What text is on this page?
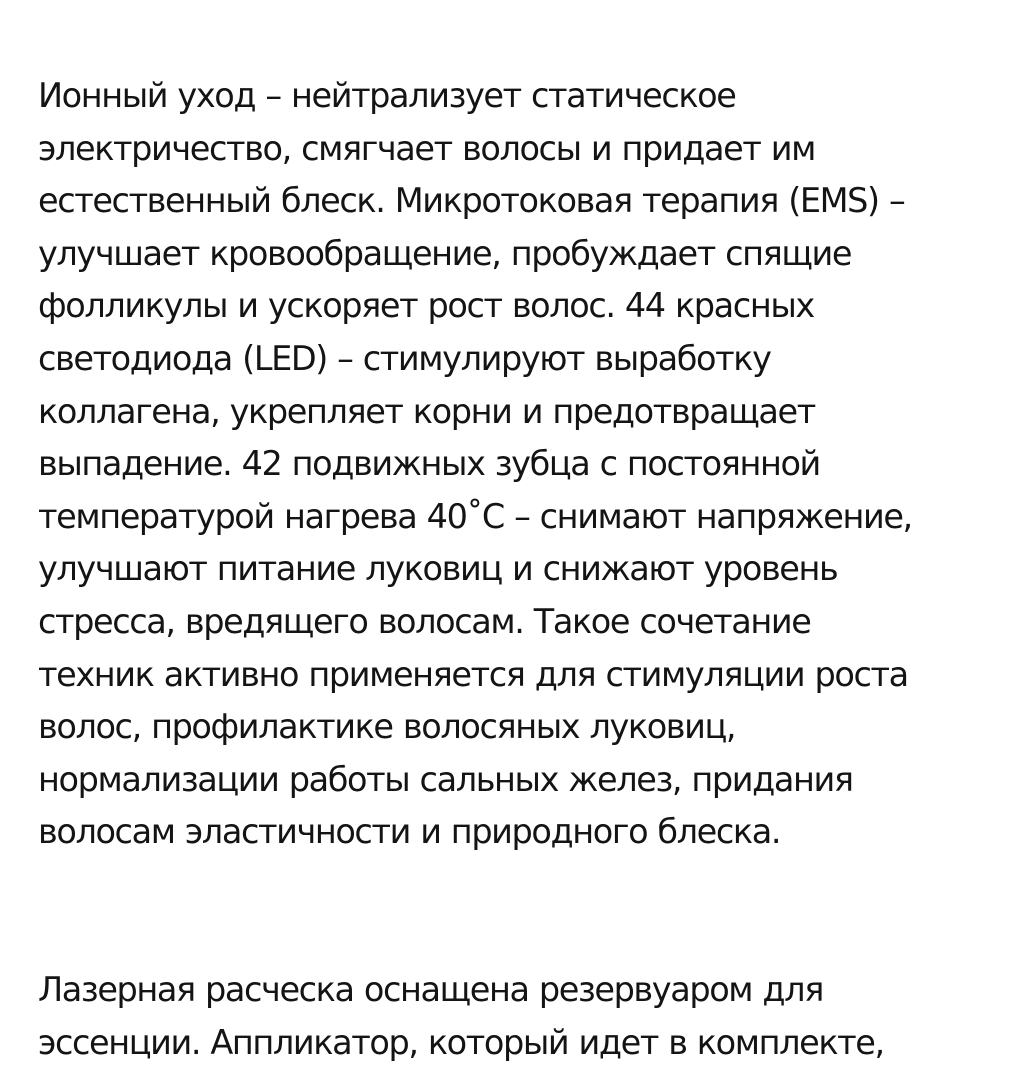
Ионный уход – нейтрализует статическое
электричество, смягчает волосы и придает им
естественный блеск. Микротоковая терапия (EMS) –
улучшает кровообращение, пробуждает спящие
фолликулы и ускоряет рост волос. 44 красных
светодиода (LED) – стимулируют выработку
коллагена, укрепляет корни и предотвращает
выпадение. 42 подвижных зубца с постоянной
температурой нагрева 40˚С – снимают напряжение,
улучшают питание луковиц и снижают уровень
стресса, вредящего волосам. Такое сочетание
техник активно применяется для стимуляции роста
волос, профилактике волосяных луковиц,
нормализации работы сальных желез, придания
волосам эластичности и природного блеска.
Лазерная расческа оснащена резервуаром для
эссенции. Аппликатор, который идет в комплекте,
